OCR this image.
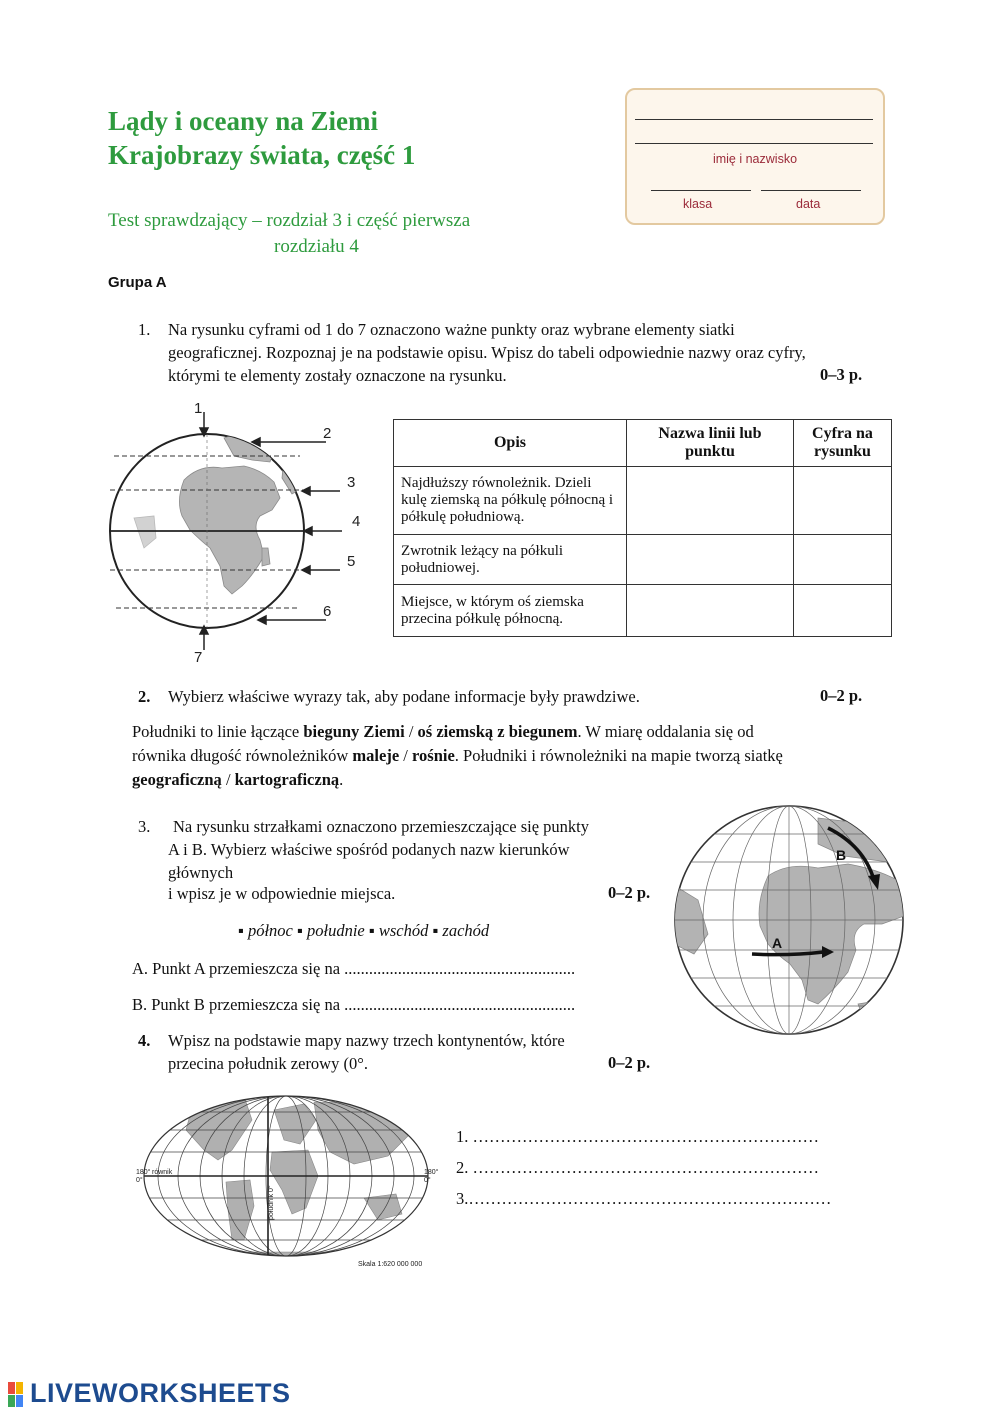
Lądy i oceany na Ziemi
Krajobrazy świata, część 1
Test sprawdzający – rozdział 3 i część pierwsza
rozdziału 4
Grupa A
imię i nazwisko
klasa	data
1. Na rysunku cyframi od 1 do 7 oznaczono ważne punkty oraz wybrane elementy siatki
geograficznej. Rozpoznaj je na podstawie opisu. Wpisz do tabeli odpowiednie nazwy oraz cyfry,
którymi te elementy zostały oznaczone na rysunku.	0–3 p.
1
2
3
4
5
6
7
Opis	Nazwa linii lub punktu	Cyfra na rysunku
Najdłuższy równoleżnik. Dzieli kulę ziemską na półkulę północną i półkulę południową.		
Zwrotnik leżący na półkuli południowej.		
Miejsce, w którym oś ziemska przecina półkulę północną.		
2. Wybierz właściwe wyrazy tak, aby podane informacje były prawdziwe.	0–2 p.
Południki to linie łączące bieguny Ziemi / oś ziemską z biegunem. W miarę oddalania się od
równika długość równoleżników maleje / rośnie. Południki i równoleżniki na mapie tworzą siatkę
geograficzną / kartograficzną.
3. Na rysunku strzałkami oznaczono przemieszczające się punkty
A i B. Wybierz właściwe spośród podanych nazw kierunków
głównych
i wpisz je w odpowiednie miejsca.	0–2 p.
▪ północ ▪ południe ▪ wschód ▪ zachód
A. Punkt A przemieszcza się na ........................................................
B. Punkt B przemieszcza się na ........................................................
A
B
4. Wpisz na podstawie mapy nazwy trzech kontynentów, które
przecina południk zerowy (0°.	0–2 p.
180°
0°
równik	180°
0°
południk 0°
Skala 1:620 000 000
1. ………………………………………………………
2. ………………………………………………………
3.…………………………………………………………
LIVEWORKSHEETS
